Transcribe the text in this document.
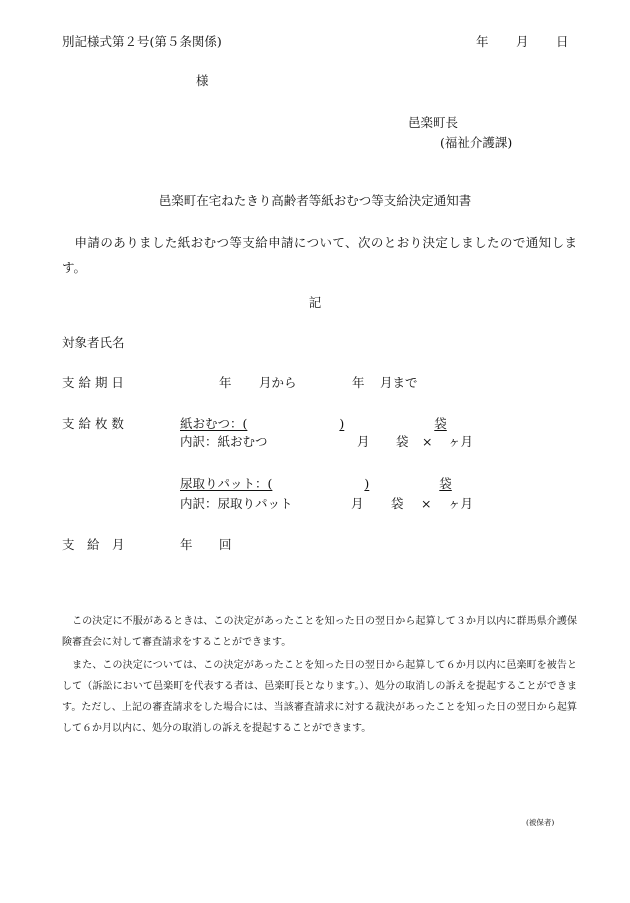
別記様式第２号(第５条関係)	年 月 日
様
邑楽町長
(福祉介護課)
邑楽町在宅ねたきり高齢者等紙おむつ等支給決定通知書
申請のありました紙おむつ等支給申請について、次のとおり決定しましたので通知します。
記
対象者氏名
支 給 期 日	年 月から	年 月まで
支 給 枚 数	紙おむつ：(	)	袋
内訳：紙おむつ	月 袋 × ヶ月
尿取りパット：(	)	袋
内訳：尿取りパット	月 袋 × ヶ月
支　給　月	年 回
　この決定に不服があるときは、この決定があったことを知った日の翌日から起算して３か月以内に群馬県介護保険審査会に対して審査請求をすることができます。
　また、この決定については、この決定があったことを知った日の翌日から起算して６か月以内に邑楽町を被告として（訴訟において邑楽町を代表する者は、邑楽町長となります。）、処分の取消しの訴えを提起することができます。ただし、上記の審査請求をした場合には、当該審査請求に対する裁決があったことを知った日の翌日から起算して６か月以内に、処分の取消しの訴えを提起することができます。
(被保者)
